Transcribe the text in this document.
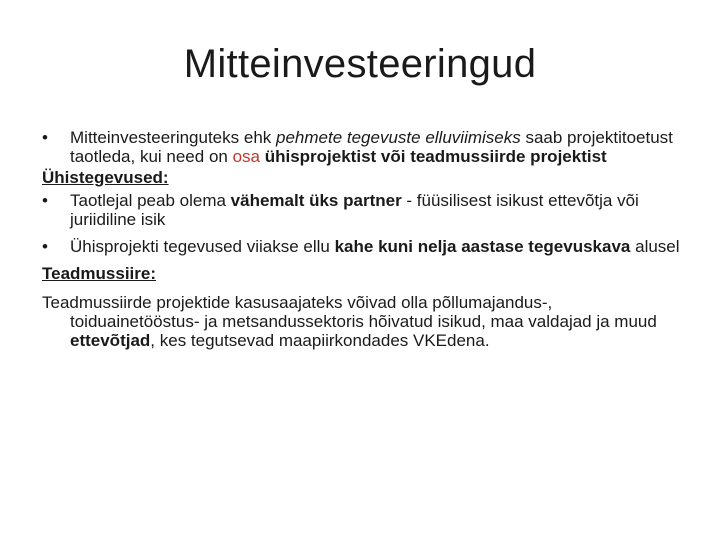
Mitteinvesteeringud
•	Mitteinvesteeringuteks ehk pehmete tegevuste elluviimiseks saab projektitoetust taotleda, kui need on osa ühisprojektist või teadmussiirde projektist
Ühistegevused:
•	Taotlejal peab olema vähemalt üks partner - füüsilisest isikust ettevõtja või juriidiline isik
•	Ühisprojekti tegevused viiakse ellu kahe kuni nelja aastase tegevuskava alusel
Teadmussiire:

Teadmussiirde projektide kasusaajateks võivad olla põllumajandus-, toiduainetööstus- ja metsandussektoris hõivatud isikud, maa valdajad ja muud ettevõtjad, kes tegutsevad maapiirkondades VKEdena.
